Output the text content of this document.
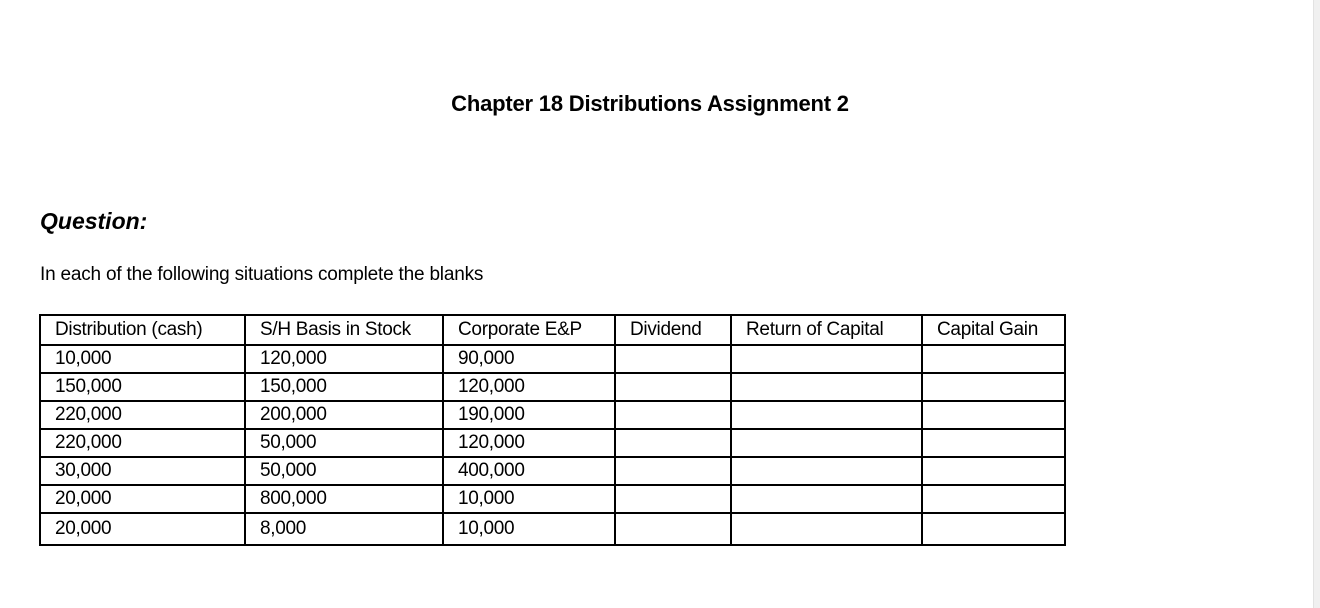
Chapter 18 Distributions Assignment 2
Question:
In each of the following situations complete the blanks
Distribution (cash)	S/H Basis in Stock	Corporate E&P	Dividend	Return of Capital	Capital Gain
10,000	120,000	90,000			
150,000	150,000	120,000			
220,000	200,000	190,000			
220,000	50,000	120,000			
30,000	50,000	400,000			
20,000	800,000	10,000			
20,000	8,000	10,000			
